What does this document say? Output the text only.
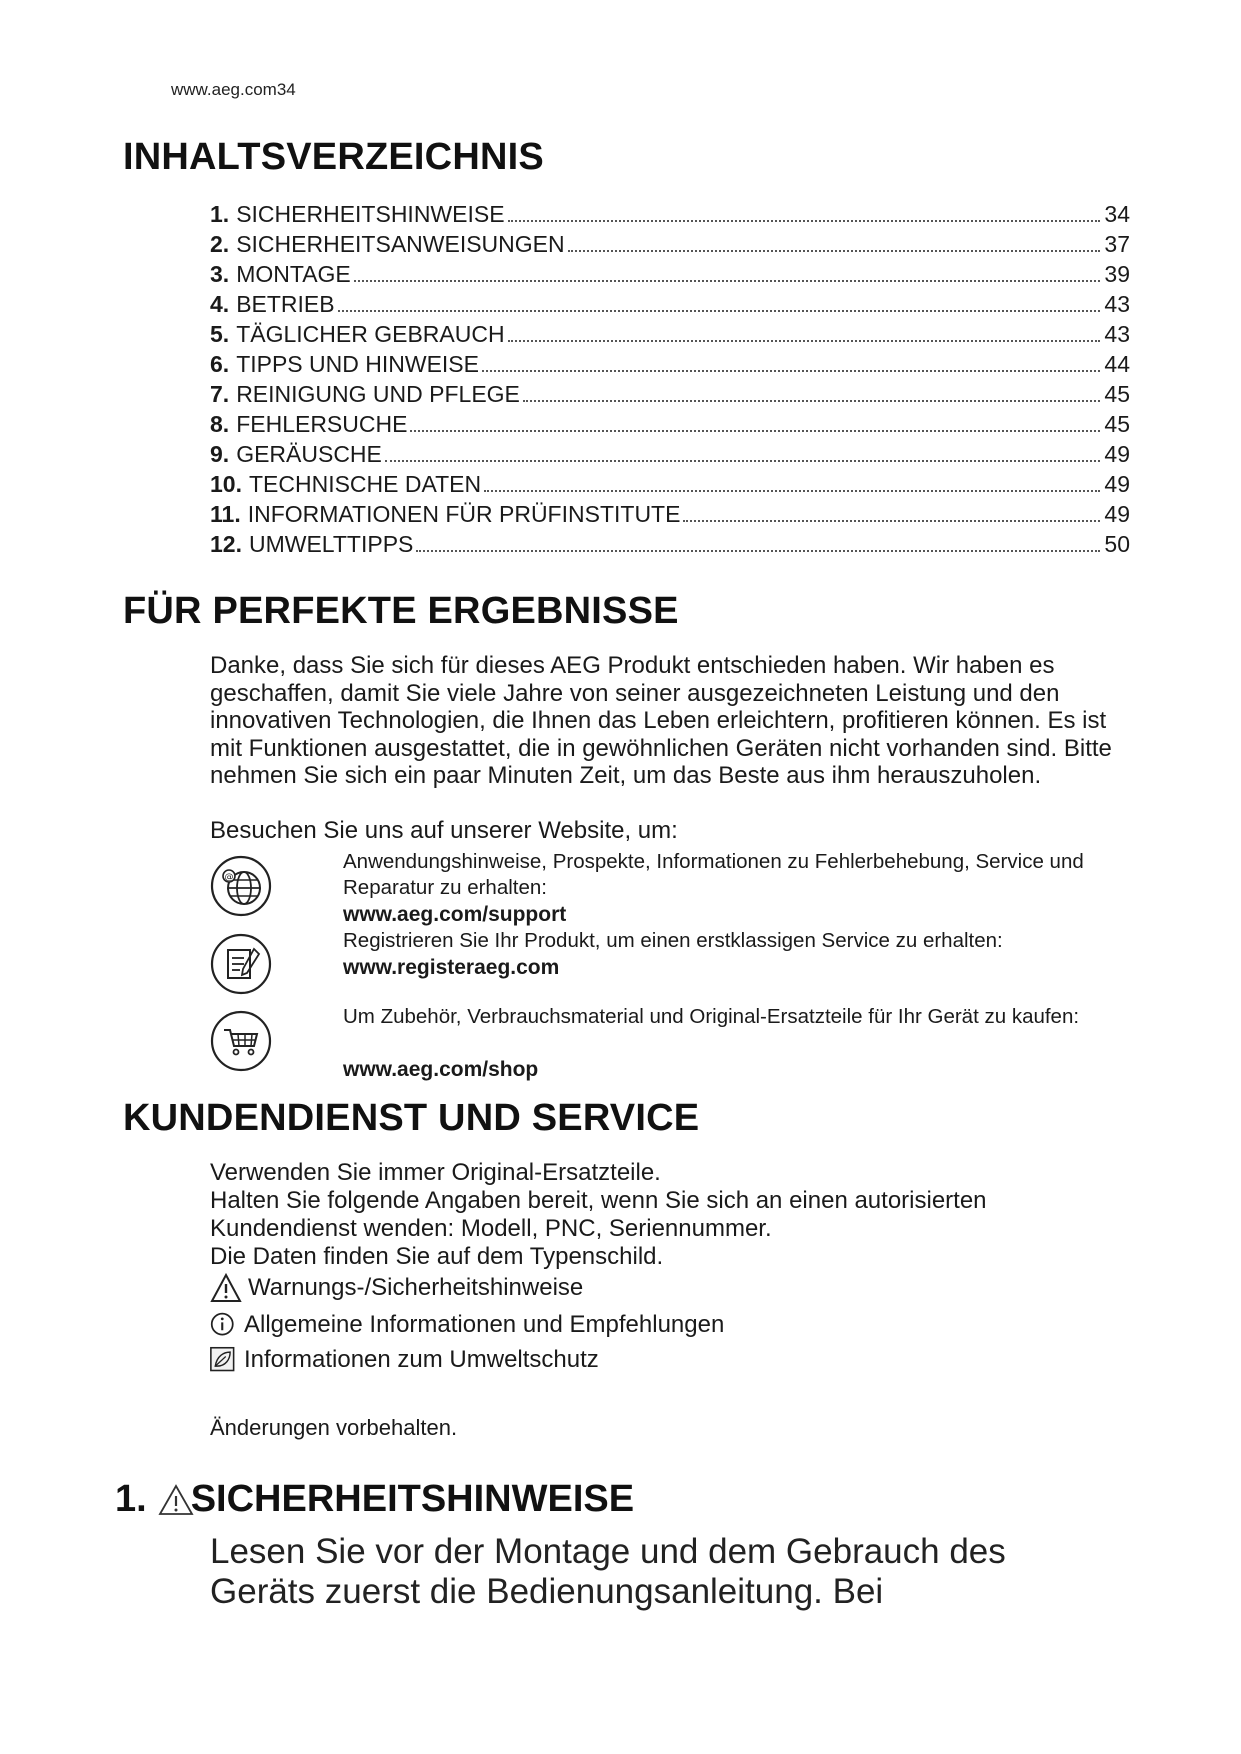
www.aeg.com34
INHALTSVERZEICHNIS
1. SICHERHEITSHINWEISE	34
2. SICHERHEITSANWEISUNGEN	37
3. MONTAGE	39
4. BETRIEB	43
5. TÄGLICHER GEBRAUCH	43
6. TIPPS UND HINWEISE	44
7. REINIGUNG UND PFLEGE	45
8. FEHLERSUCHE	45
9. GERÄUSCHE	49
10. TECHNISCHE DATEN	49
11. INFORMATIONEN FÜR PRÜFINSTITUTE	49
12. UMWELTTIPPS	50
FÜR PERFEKTE ERGEBNISSE

Danke, dass Sie sich für dieses AEG Produkt entschieden haben. Wir haben es geschaffen, damit Sie viele Jahre von seiner ausgezeichneten Leistung und den innovativen Technologien, die Ihnen das Leben erleichtern, profitieren können. Es ist mit Funktionen ausgestattet, die in gewöhnlichen Geräten nicht vorhanden sind. Bitte nehmen Sie sich ein paar Minuten Zeit, um das Beste aus ihm herauszuholen.

Besuchen Sie uns auf unserer Website, um:

@

Anwendungshinweise, Prospekte, Informationen zu Fehlerbehebung, Service und Reparatur zu erhalten:

www.aeg.com/support

Registrieren Sie Ihr Produkt, um einen erstklassigen Service zu erhalten:

www.registeraeg.com

Um Zubehör, Verbrauchsmaterial und Original-Ersatzteile für Ihr Gerät zu kaufen:

www.aeg.com/shop
KUNDENDIENST UND SERVICE

Verwenden Sie immer Original-Ersatzteile.

Halten Sie folgende Angaben bereit, wenn Sie sich an einen autorisierten Kundendienst wenden: Modell, PNC, Seriennummer.

Die Daten finden Sie auf dem Typenschild.

Warnungs-/Sicherheitshinweise
Allgemeine Informationen und Empfehlungen
Informationen zum Umweltschutz

Änderungen vorbehalten.

1. SICHERHEITSHINWEISE

Lesen Sie vor der Montage und dem Gebrauch des Geräts zuerst die Bedienungsanleitung. Bei
